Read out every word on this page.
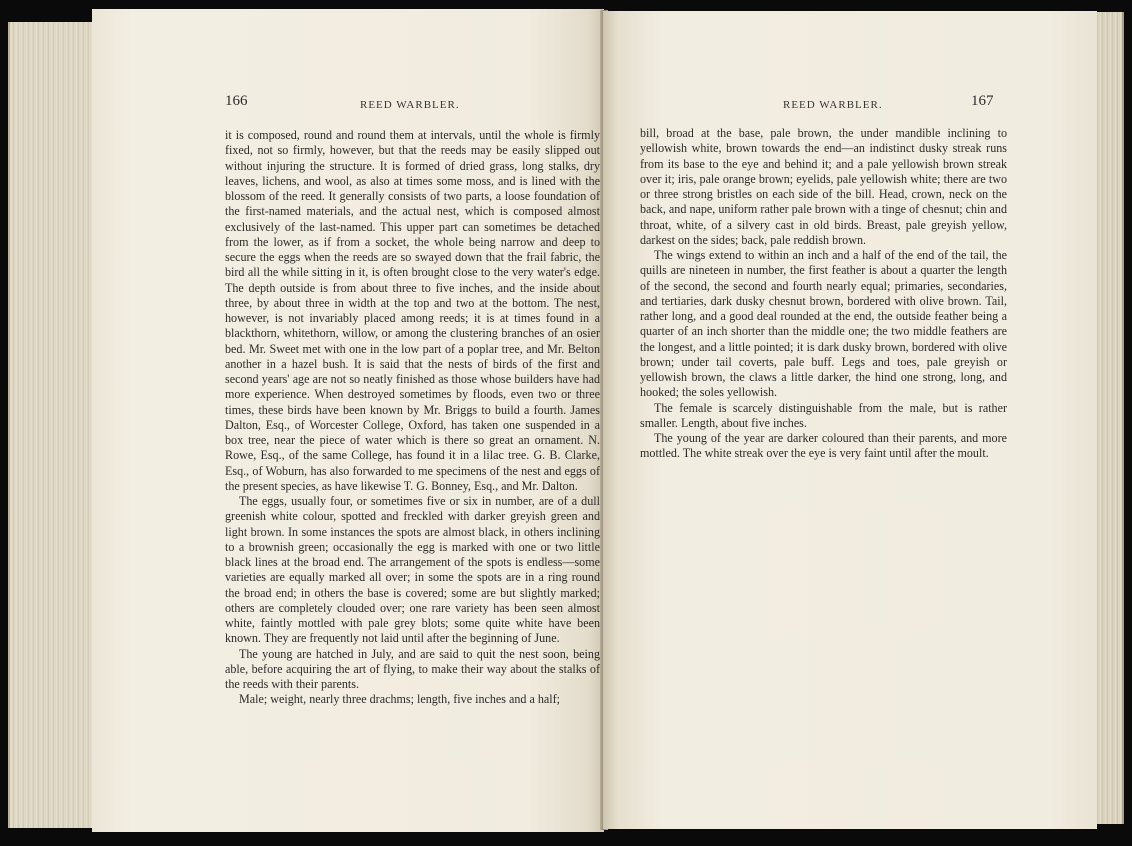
166	REED WARBLER.

it is composed, round and round them at intervals, until the whole is firmly fixed, not so firmly, however, but that the reeds may be easily slipped out without injuring the structure. It is formed of dried grass, long stalks, dry leaves, lichens, and wool, as also at times some moss, and is lined with the blossom of the reed. It generally consists of two parts, a loose foundation of the first-named materials, and the actual nest, which is composed almost exclusively of the last-named. This upper part can sometimes be detached from the lower, as if from a socket, the whole being narrow and deep to secure the eggs when the reeds are so swayed down that the frail fabric, the bird all the while sitting in it, is often brought close to the very water's edge. The depth outside is from about three to five inches, and the inside about three, by about three in width at the top and two at the bottom. The nest, however, is not invariably placed among reeds; it is at times found in a blackthorn, whitethorn, willow, or among the clustering branches of an osier bed. Mr. Sweet met with one in the low part of a poplar tree, and Mr. Belton another in a hazel bush. It is said that the nests of birds of the first and second years' age are not so neatly finished as those whose builders have had more experience. When destroyed sometimes by floods, even two or three times, these birds have been known by Mr. Briggs to build a fourth. James Dalton, Esq., of Worcester College, Oxford, has taken one suspended in a box tree, near the piece of water which is there so great an ornament. N. Rowe, Esq., of the same College, has found it in a lilac tree. G. B. Clarke, Esq., of Woburn, has also forwarded to me specimens of the nest and eggs of the present species, as have likewise T. G. Bonney, Esq., and Mr. Dalton.

The eggs, usually four, or sometimes five or six in number, are of a dull greenish white colour, spotted and freckled with darker greyish green and light brown. In some instances the spots are almost black, in others inclining to a brownish green; occasionally the egg is marked with one or two little black lines at the broad end. The arrangement of the spots is endless—some varieties are equally marked all over; in some the spots are in a ring round the broad end; in others the base is covered; some are but slightly marked; others are completely clouded over; one rare variety has been seen almost white, faintly mottled with pale grey blots; some quite white have been known. They are frequently not laid until after the beginning of June.

The young are hatched in July, and are said to quit the nest soon, being able, before acquiring the art of flying, to make their way about the stalks of the reeds with their parents.

Male; weight, nearly three drachms; length, five inches and a half;

REED WARBLER.	167

bill, broad at the base, pale brown, the under mandible inclining to yellowish white, brown towards the end—an indistinct dusky streak runs from its base to the eye and behind it; and a pale yellowish brown streak over it; iris, pale orange brown; eyelids, pale yellowish white; there are two or three strong bristles on each side of the bill. Head, crown, neck on the back, and nape, uniform rather pale brown with a tinge of chesnut; chin and throat, white, of a silvery cast in old birds. Breast, pale greyish yellow, darkest on the sides; back, pale reddish brown.

The wings extend to within an inch and a half of the end of the tail, the quills are nineteen in number, the first feather is about a quarter the length of the second, the second and fourth nearly equal; primaries, secondaries, and tertiaries, dark dusky chesnut brown, bordered with olive brown. Tail, rather long, and a good deal rounded at the end, the outside feather being a quarter of an inch shorter than the middle one; the two middle feathers are the longest, and a little pointed; it is dark dusky brown, bordered with olive brown; under tail coverts, pale buff. Legs and toes, pale greyish or yellowish brown, the claws a little darker, the hind one strong, long, and hooked; the soles yellowish.

The female is scarcely distinguishable from the male, but is rather smaller. Length, about five inches.

The young of the year are darker coloured than their parents, and more mottled. The white streak over the eye is very faint until after the moult.
